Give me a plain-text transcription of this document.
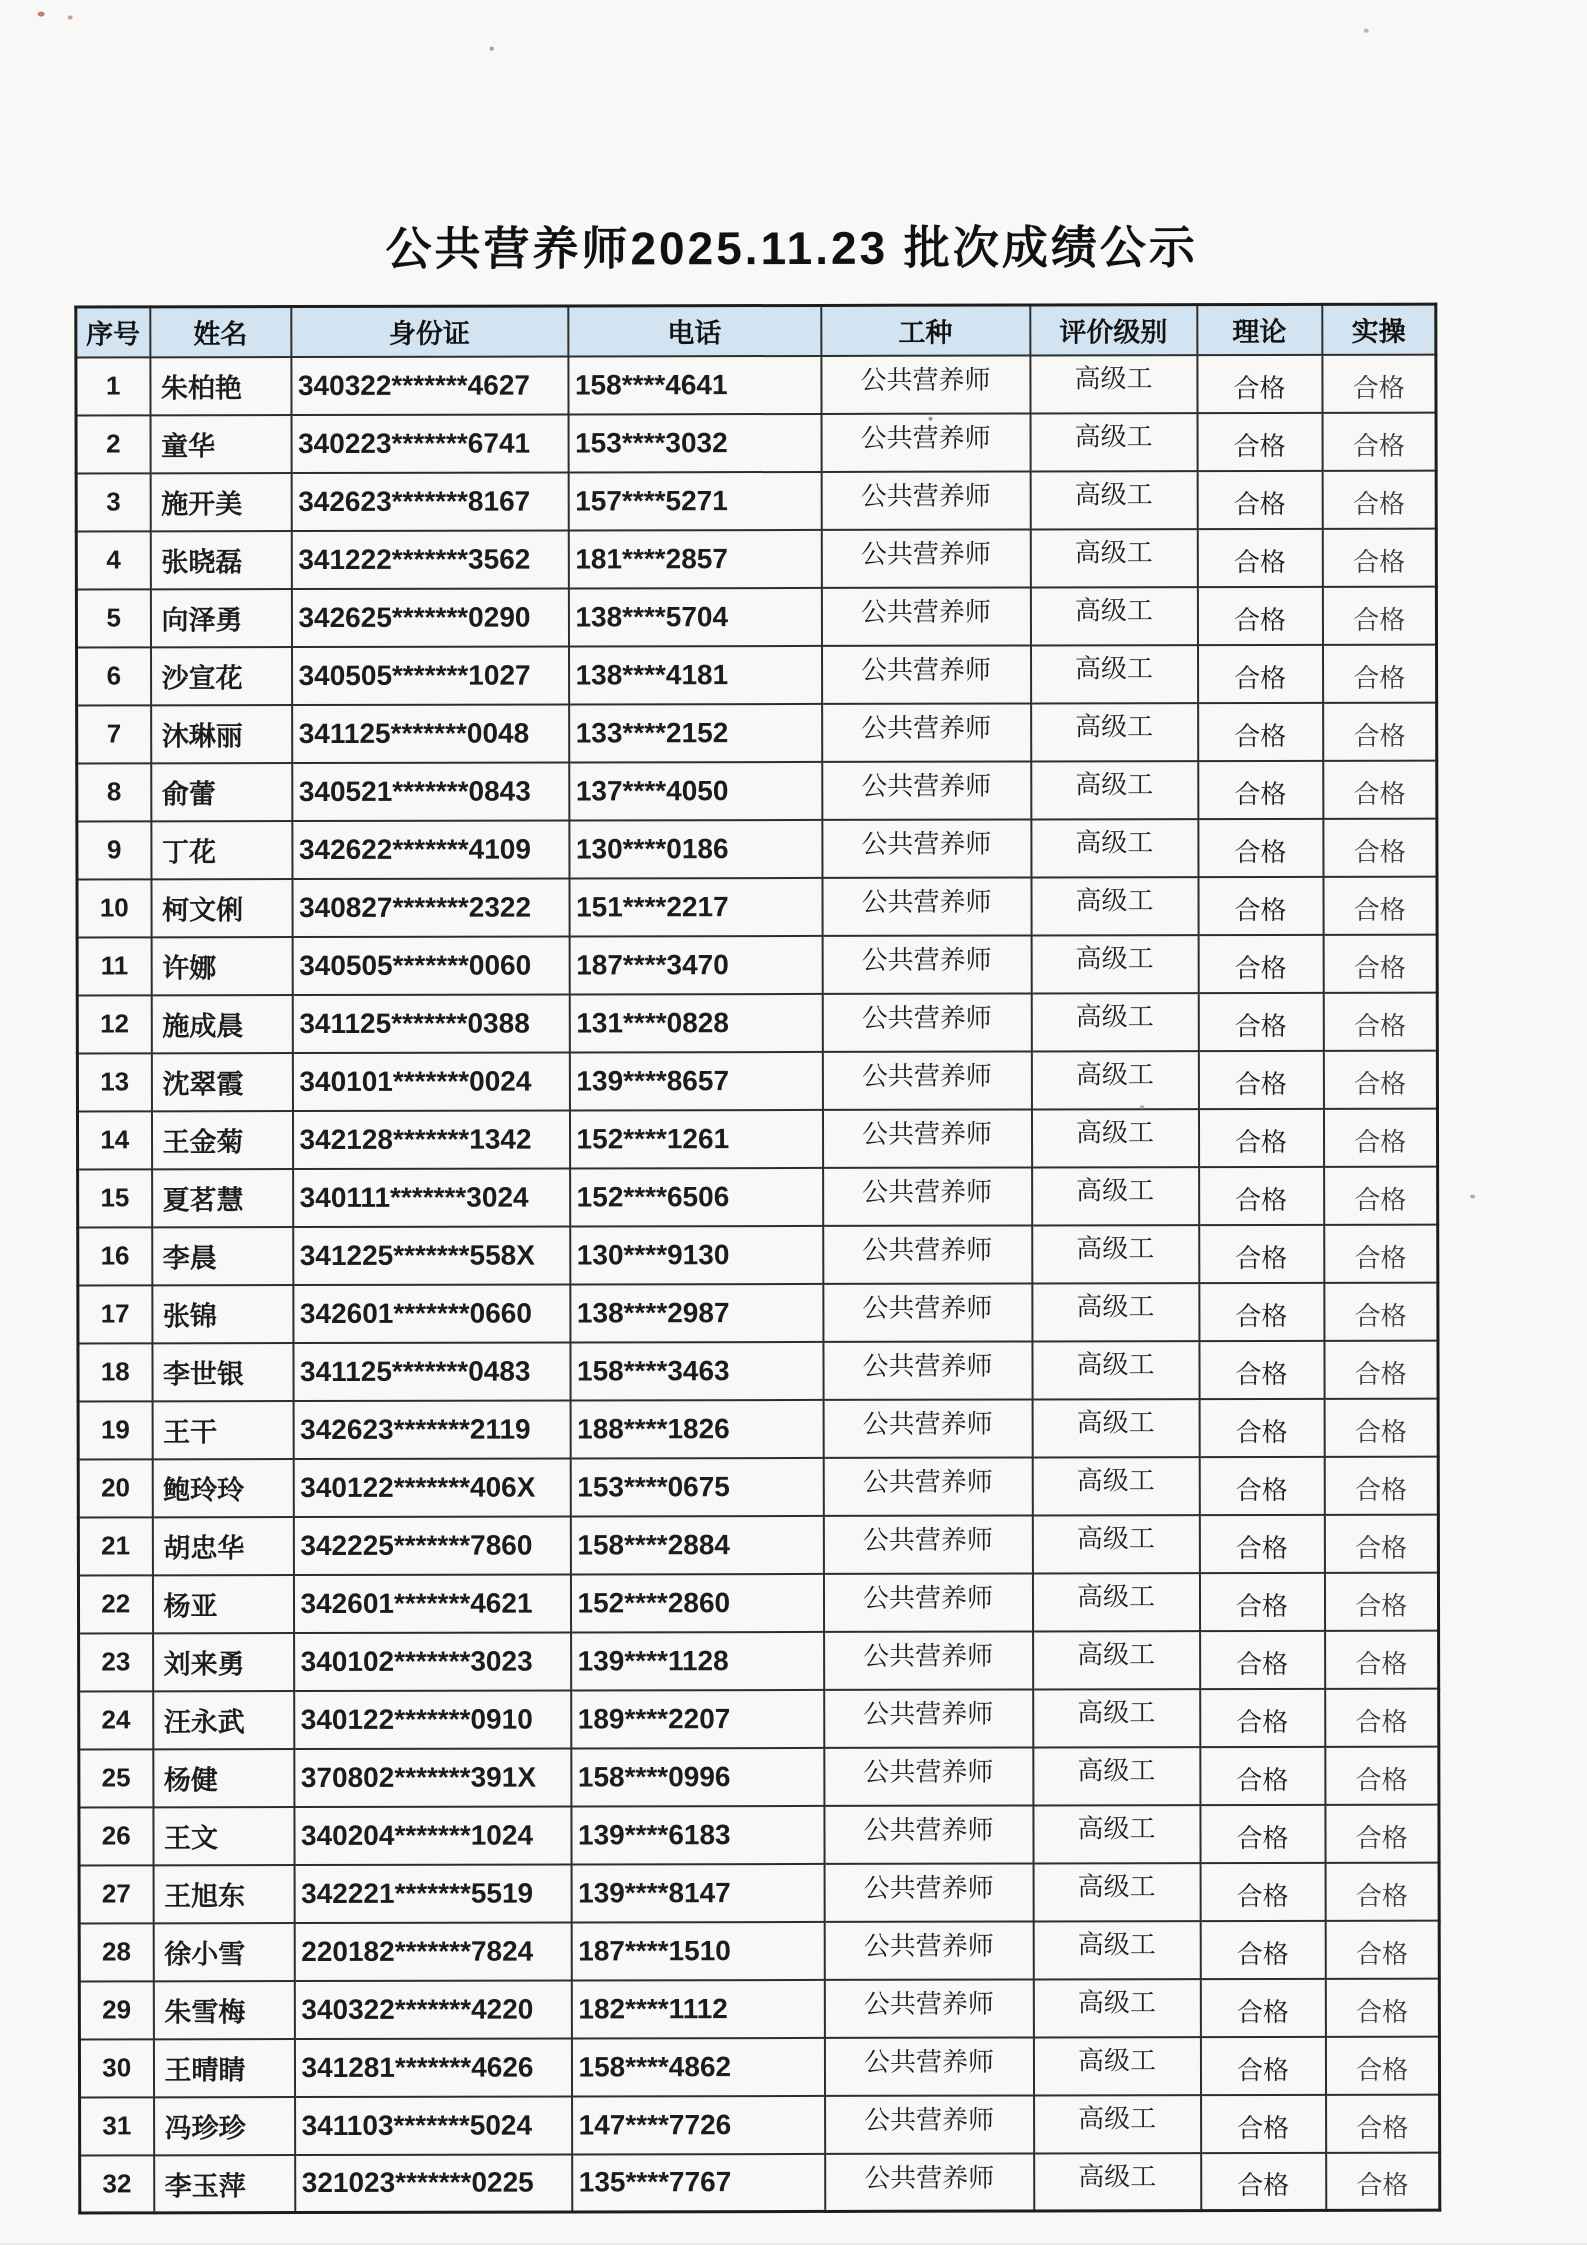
公共营养师2025.11.23 批次成绩公示
序号	姓名	身份证	电话	工种	评价级别	理论	实操
1	朱柏艳	340322*******4627	158****4641	公共营养师	高级工	合格	合格
2	童华	340223*******6741	153****3032	公共营养师	高级工	合格	合格
3	施开美	342623*******8167	157****5271	公共营养师	高级工	合格	合格
4	张晓磊	341222*******3562	181****2857	公共营养师	高级工	合格	合格
5	向泽勇	342625*******0290	138****5704	公共营养师	高级工	合格	合格
6	沙宣花	340505*******1027	138****4181	公共营养师	高级工	合格	合格
7	沐琳丽	341125*******0048	133****2152	公共营养师	高级工	合格	合格
8	俞蕾	340521*******0843	137****4050	公共营养师	高级工	合格	合格
9	丁花	342622*******4109	130****0186	公共营养师	高级工	合格	合格
10	柯文俐	340827*******2322	151****2217	公共营养师	高级工	合格	合格
11	许娜	340505*******0060	187****3470	公共营养师	高级工	合格	合格
12	施成晨	341125*******0388	131****0828	公共营养师	高级工	合格	合格
13	沈翠霞	340101*******0024	139****8657	公共营养师	高级工	合格	合格
14	王金菊	342128*******1342	152****1261	公共营养师	高级工	合格	合格
15	夏茗慧	340111*******3024	152****6506	公共营养师	高级工	合格	合格
16	李晨	341225*******558X	130****9130	公共营养师	高级工	合格	合格
17	张锦	342601*******0660	138****2987	公共营养师	高级工	合格	合格
18	李世银	341125*******0483	158****3463	公共营养师	高级工	合格	合格
19	王干	342623*******2119	188****1826	公共营养师	高级工	合格	合格
20	鲍玲玲	340122*******406X	153****0675	公共营养师	高级工	合格	合格
21	胡忠华	342225*******7860	158****2884	公共营养师	高级工	合格	合格
22	杨亚	342601*******4621	152****2860	公共营养师	高级工	合格	合格
23	刘来勇	340102*******3023	139****1128	公共营养师	高级工	合格	合格
24	汪永武	340122*******0910	189****2207	公共营养师	高级工	合格	合格
25	杨健	370802*******391X	158****0996	公共营养师	高级工	合格	合格
26	王文	340204*******1024	139****6183	公共营养师	高级工	合格	合格
27	王旭东	342221*******5519	139****8147	公共营养师	高级工	合格	合格
28	徐小雪	220182*******7824	187****1510	公共营养师	高级工	合格	合格
29	朱雪梅	340322*******4220	182****1112	公共营养师	高级工	合格	合格
30	王晴睛	341281*******4626	158****4862	公共营养师	高级工	合格	合格
31	冯珍珍	341103*******5024	147****7726	公共营养师	高级工	合格	合格
32	李玉萍	321023*******0225	135****7767	公共营养师	高级工	合格	合格
